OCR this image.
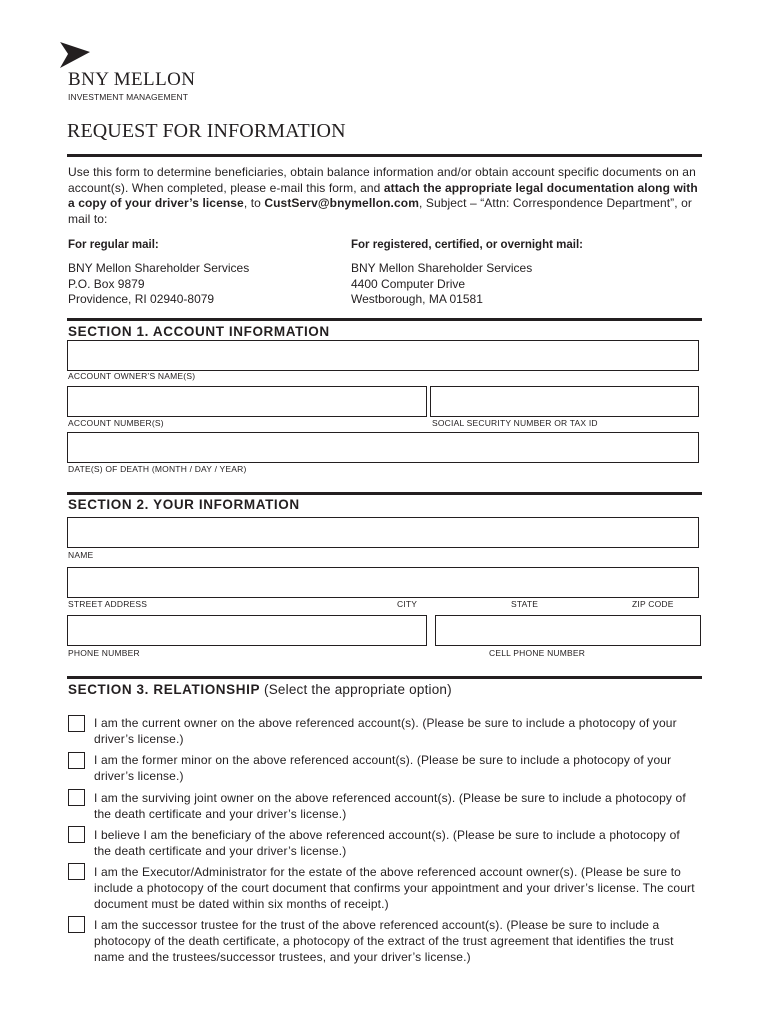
BNY MELLON
INVESTMENT MANAGEMENT
REQUEST FOR INFORMATION
Use this form to determine beneficiaries, obtain balance information and/or obtain account specific documents on an account(s). When completed, please e-mail this form, and attach the appropriate legal documentation along with a copy of your driver’s license, to CustServ@bnymellon.com, Subject – “Attn: Correspondence Department”, or mail to:
For regular mail:
BNY Mellon Shareholder Services
P.O. Box 9879
Providence, RI 02940-8079
For registered, certified, or overnight mail:
BNY Mellon Shareholder Services
4400 Computer Drive
Westborough, MA 01581
SECTION 1. ACCOUNT INFORMATION
ACCOUNT OWNER’S NAME(S)
ACCOUNT NUMBER(S)	SOCIAL SECURITY NUMBER OR TAX ID
DATE(S) OF DEATH (MONTH / DAY / YEAR)
SECTION 2. YOUR INFORMATION
NAME
STREET ADDRESS	CITY	STATE	ZIP CODE
PHONE NUMBER	CELL PHONE NUMBER
SECTION 3. RELATIONSHIP (Select the appropriate option)
I am the current owner on the above referenced account(s). (Please be sure to include a photocopy of your driver’s license.)
I am the former minor on the above referenced account(s). (Please be sure to include a photocopy of your driver’s license.)
I am the surviving joint owner on the above referenced account(s). (Please be sure to include a photocopy of the death certificate and your driver’s license.)
I believe I am the beneficiary of the above referenced account(s). (Please be sure to include a photocopy of the death certificate and your driver’s license.)
I am the Executor/Administrator for the estate of the above referenced account owner(s). (Please be sure to include a photocopy of the court document that confirms your appointment and your driver’s license. The court document must be dated within six months of receipt.)
I am the successor trustee for the trust of the above referenced account(s). (Please be sure to include a photocopy of the death certificate, a photocopy of the extract of the trust agreement that identifies the trust name and the trustees/successor trustees, and your driver’s license.)
